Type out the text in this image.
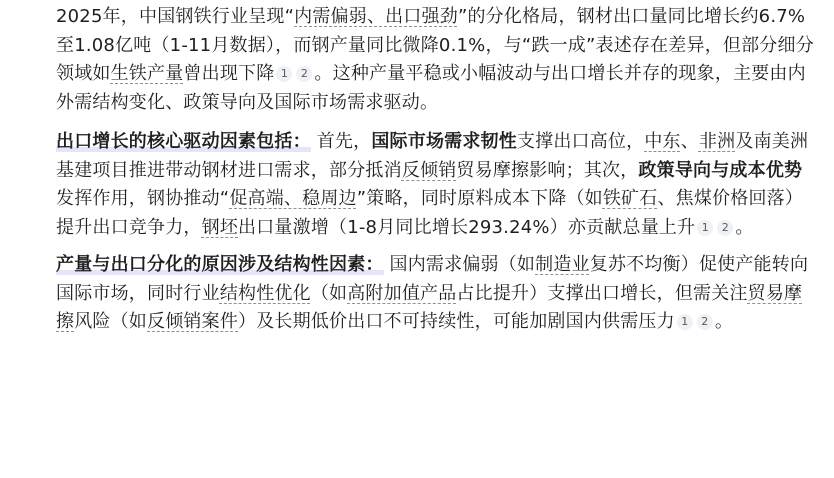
2025年，中国钢铁行业呈现“内需偏弱、出口强劲”的分化格局，钢材出口量同比增长约6.7%至1.08亿吨（1-11月数据），而钢产量同比微降0.1%，与“跌一成”表述存在差异，但部分细分领域如生铁产量曾出现下降 1 2 。这种产量平稳或小幅波动与出口增长并存的现象，主要由内外需结构变化、政策导向及国际市场需求驱动。

出口增长的核心驱动因素包括： 首先，国际市场需求韧性支撑出口高位，中东、非洲及南美洲基建项目推进带动钢材进口需求，部分抵消反倾销贸易摩擦影响；其次，政策导向与成本优势发挥作用，钢协推动“促高端、稳周边”策略，同时原料成本下降（如铁矿石、焦煤价格回落）提升出口竞争力，钢坯出口量激增（1-8月同比增长293.24%）亦贡献总量上升 1 2 。

产量与出口分化的原因涉及结构性因素： 国内需求偏弱（如制造业复苏不均衡）促使产能转向国际市场，同时行业结构性优化（如高附加值产品占比提升）支撑出口增长，但需关注贸易摩擦风险（如反倾销案件）及长期低价出口不可持续性，可能加剧国内供需压力 1 2 。
